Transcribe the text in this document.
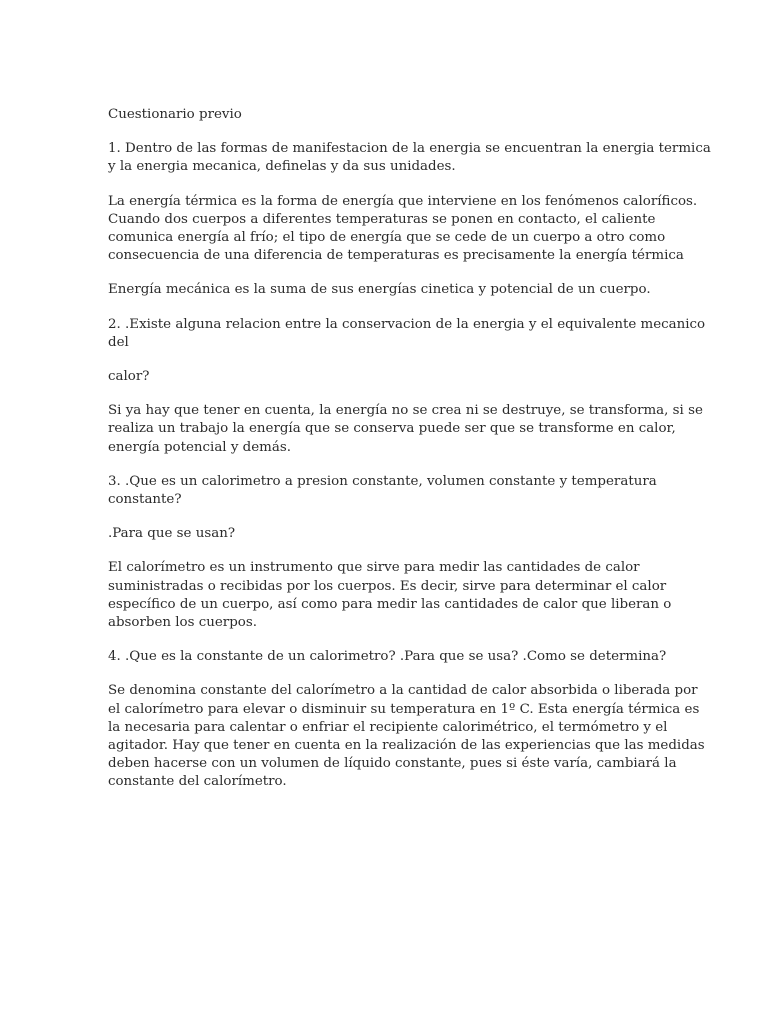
Cuestionario previo

1. Dentro de las formas de manifestacion de la energia se encuentran la energia termica
y la energia mecanica, definelas y da sus unidades.

La energía térmica es la forma de energía que interviene en los fenómenos caloríficos.
Cuando dos cuerpos a diferentes temperaturas se ponen en contacto, el caliente
comunica energía al frío; el tipo de energía que se cede de un cuerpo a otro como
consecuencia de una diferencia de temperaturas es precisamente la energía térmica

Energía mecánica es la suma de sus energías cinetica y potencial de un cuerpo.

2. .Existe alguna relacion entre la conservacion de la energia y el equivalente mecanico
del

calor?

Si ya hay que tener en cuenta, la energía no se crea ni se destruye, se transforma, si se
realiza un trabajo la energía que se conserva puede ser que se transforme en calor,
energía potencial y demás.

3. .Que es un calorimetro a presion constante, volumen constante y temperatura
constante?

.Para que se usan?

El calorímetro es un instrumento que sirve para medir las cantidades de calor
suministradas o recibidas por los cuerpos. Es decir, sirve para determinar el calor
específico de un cuerpo, así como para medir las cantidades de calor que liberan o
absorben los cuerpos.

4. .Que es la constante de un calorimetro? .Para que se usa? .Como se determina?

Se denomina constante del calorímetro a la cantidad de calor absorbida o liberada por
el calorímetro para elevar o disminuir su temperatura en 1º C. Esta energía térmica es
la necesaria para calentar o enfriar el recipiente calorimétrico, el termómetro y el
agitador. Hay que tener en cuenta en la realización de las experiencias que las medidas
deben hacerse con un volumen de líquido constante, pues si éste varía, cambiará la
constante del calorímetro.
